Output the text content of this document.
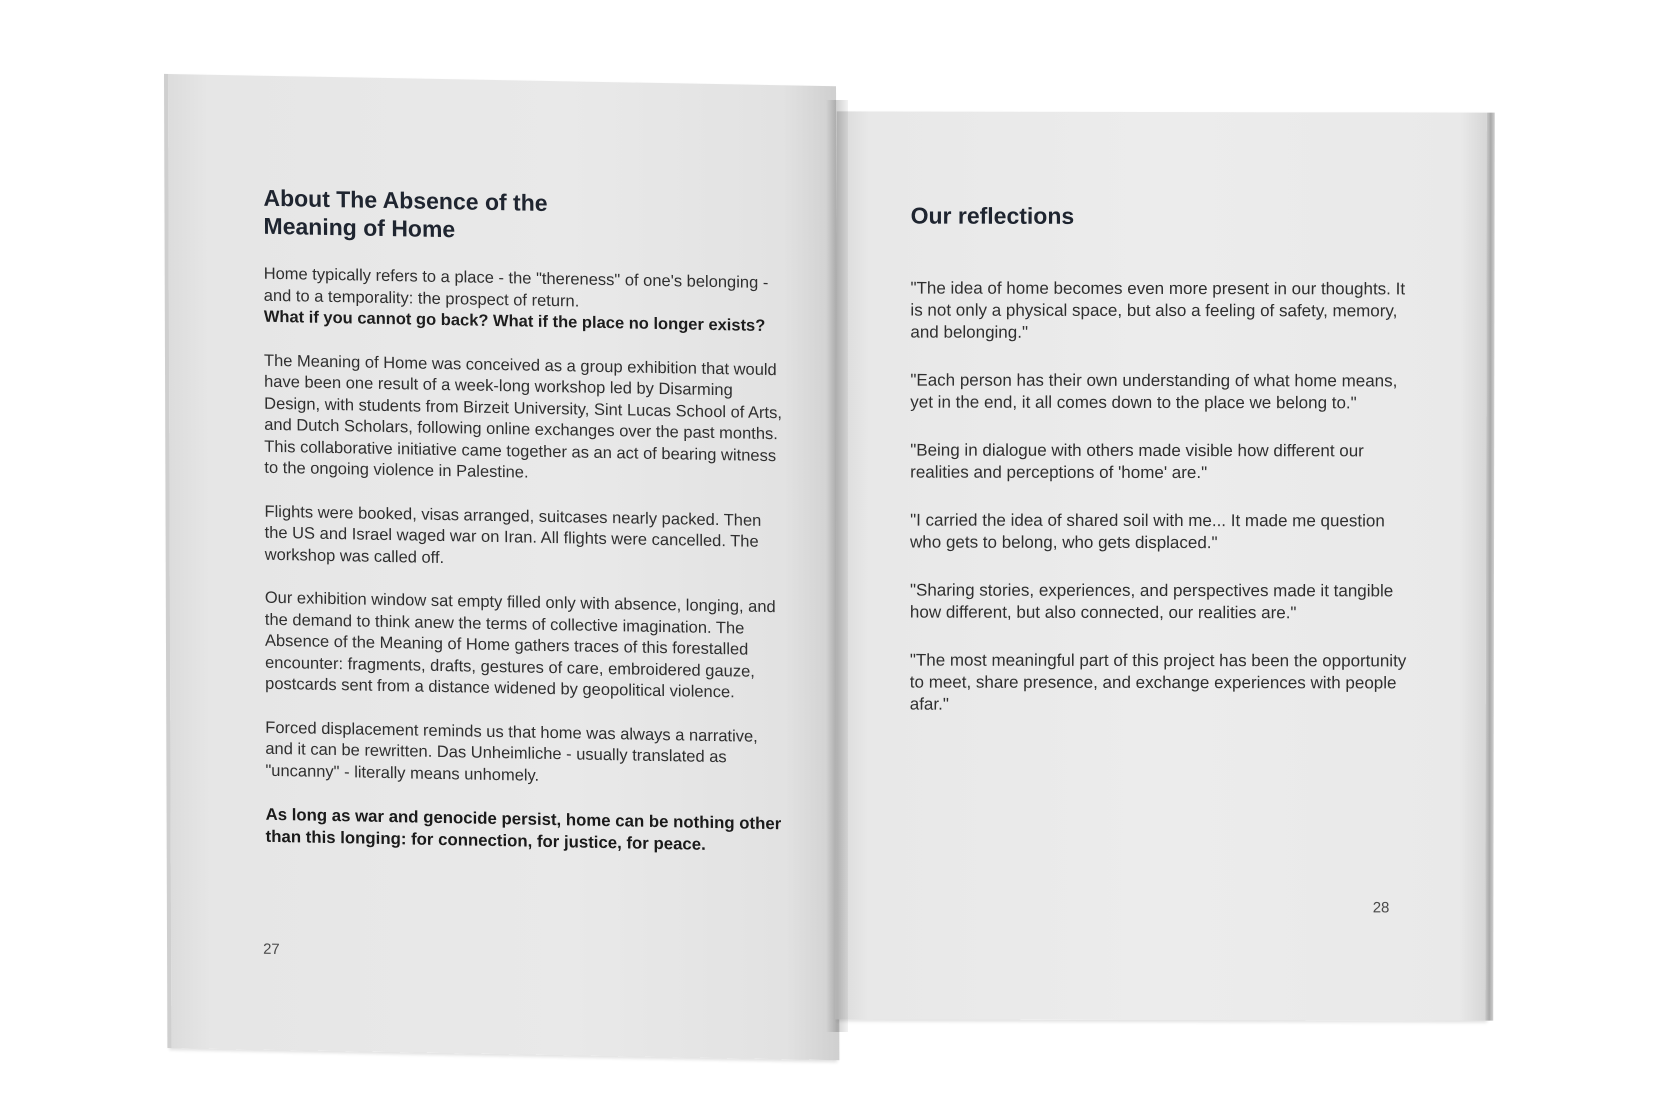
About The Absence of the Meaning of Home

Home typically refers to a place - the "thereness" of one's belonging - and to a temporality: the prospect of return.
What if you cannot go back? What if the place no longer exists?

The Meaning of Home was conceived as a group exhibition that would have been one result of a week-long workshop led by Disarming Design, with students from Birzeit University, Sint Lucas School of Arts, and Dutch Scholars, following online exchanges over the past months. This collaborative initiative came together as an act of bearing witness to the ongoing violence in Palestine.

Flights were booked, visas arranged, suitcases nearly packed. Then the US and Israel waged war on Iran. All flights were cancelled. The workshop was called off.

Our exhibition window sat empty filled only with absence, longing, and the demand to think anew the terms of collective imagination. The Absence of the Meaning of Home gathers traces of this forestalled encounter: fragments, drafts, gestures of care, embroidered gauze, postcards sent from a distance widened by geopolitical violence.

Forced displacement reminds us that home was always a narrative, and it can be rewritten. Das Unheimliche - usually translated as "uncanny" - literally means unhomely.

As long as war and genocide persist, home can be nothing other than this longing: for connection, for justice, for peace.

27
Our reflections

"The idea of home becomes even more present in our thoughts. It is not only a physical space, but also a feeling of safety, memory, and belonging."

"Each person has their own understanding of what home means, yet in the end, it all comes down to the place we belong to."

"Being in dialogue with others made visible how different our realities and perceptions of 'home' are."

"I carried the idea of shared soil with me... It made me question who gets to belong, who gets displaced."

"Sharing stories, experiences, and perspectives made it tangible how different, but also connected, our realities are."

"The most meaningful part of this project has been the opportunity to meet, share presence, and exchange experiences with people afar."

28
